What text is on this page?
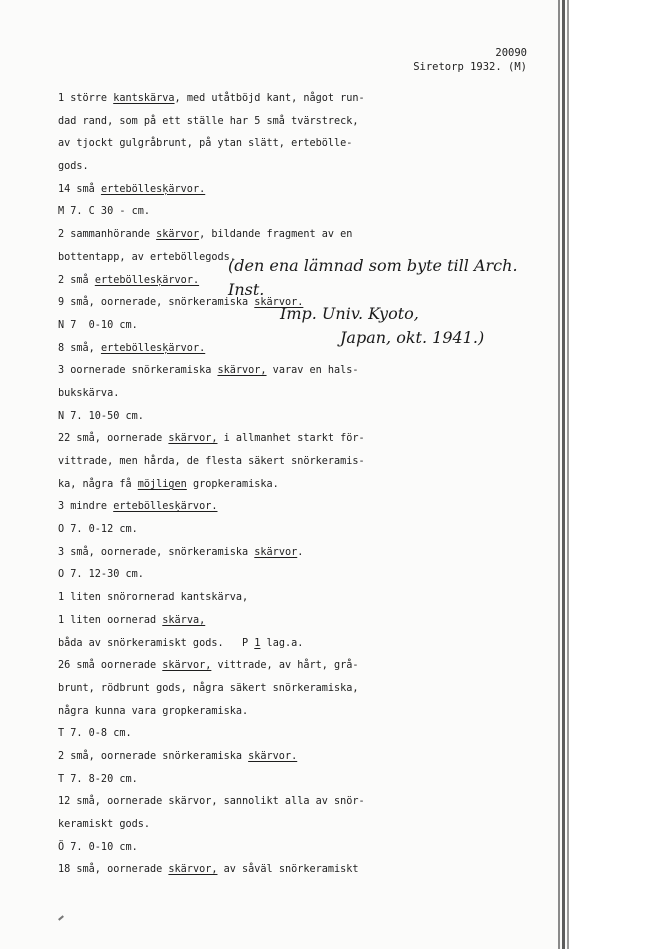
20090
Siretorp 1932. (M)
1 större kantskärva, med utåtböjd kant, något run-
dad rand, som på ett ställe har 5 små tvärstreck,
av tjockt gulgråbrunt, på ytan slätt, ertebölle-
gods.
14 små erteböllesķärvor.
M 7. C 30 - cm.
2 sammanhörande skärvor, bildande fragment av en
bottentapp, av erteböllegods.
2 små erteböllesķärvor.
9 små, oornerade, snörkeramiska skärvor.
N 7  0-10 cm.
8 små, erteböllesķärvor.
3 oornerade snörkeramiska skärvor, varav en hals-
bukskärva.
N 7. 10-50 cm.
22 små, oornerade skärvor, i allmanhet starkt för-
vittrade, men hårda, de flesta säkert snörkeramis-
ka, några få möjligen gropkeramiska.
3 mindre erteböllesķärvor.
O 7. 0-12 cm.
3 små, oornerade, snörkeramiska skärvor.
O 7. 12-30 cm.
1 liten snörornerad kantskärva,
1 liten oornerad skärva,
båda av snörkeramiskt gods.   P 1 lag.a.
26 små oornerade skärvor, vittrade, av hårt, grå-
brunt, rödbrunt gods, några säkert snörkeramiska,
några kunna vara gropkeramiska.
T 7. 0-8 cm.
2 små, oornerade snörkeramiska skärvor.
T 7. 8-20 cm.
12 små, oornerade skärvor, sannolikt alla av snör-
keramiskt gods.
Ö 7. 0-10 cm.
18 små, oornerade skärvor, av såväl snörkeramiskt
(den ena lämnad som byte till Arch. Inst.
Imp. Univ. Kyoto,
Japan, okt. 1941.)
